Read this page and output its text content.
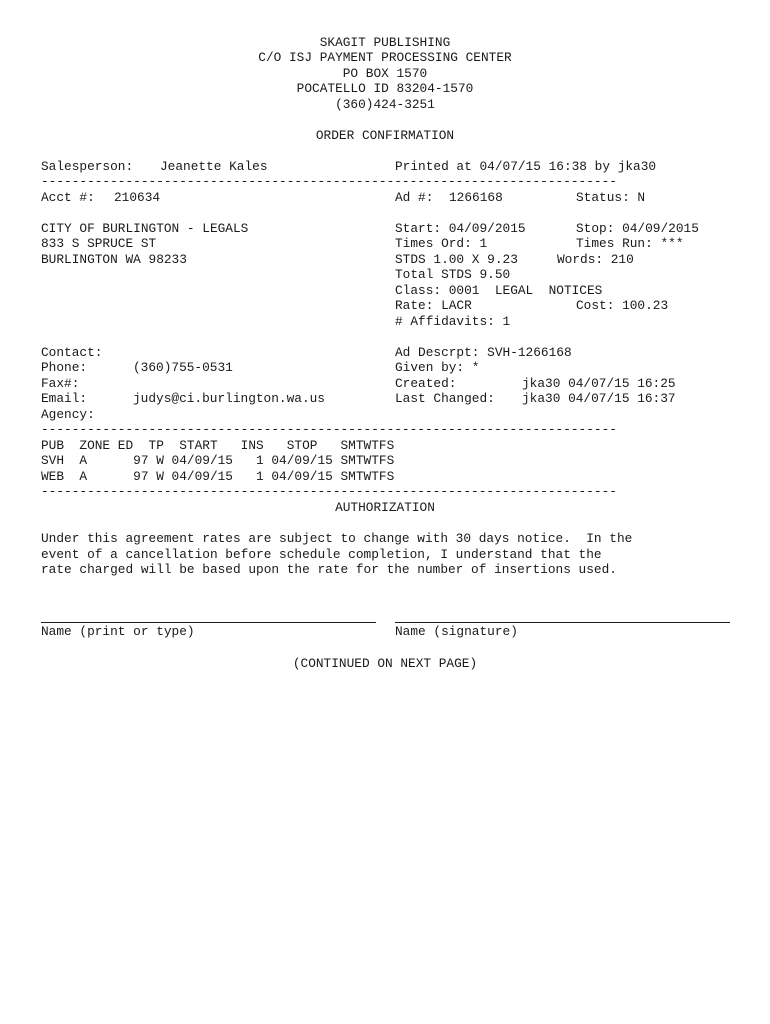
SKAGIT PUBLISHING
C/O ISJ PAYMENT PROCESSING CENTER
PO BOX 1570
POCATELLO ID 83204-1570
(360)424-3251
ORDER CONFIRMATION
Salesperson: Jeanette Kales	Printed at 04/07/15 16:38 by jka30
---------------------------------------------------------------------------
Acct #: 210634	Ad #: 1266168	Status: N
CITY OF BURLINGTON - LEGALS
833 S SPRUCE ST
BURLINGTON WA 98233
Start: 04/09/2015	Stop: 04/09/2015
Times Ord: 1	Times Run: ***
STDS 1.00 X 9.23	Words: 210
Total STDS 9.50
Class: 0001  LEGAL  NOTICES
Rate: LACR	Cost: 100.23
# Affidavits: 1
Contact:
Phone:	(360)755-0531
Fax#:
Email:	judys@ci.burlington.wa.us
Agency:
Ad Descrpt: SVH-1266168
Given by: *
Created:	jka30 04/07/15 16:25
Last Changed: jka30 04/07/15 16:37
---------------------------------------------------------------------------
PUB  ZONE ED  TP  START   INS   STOP   SMTWTFS
SVH  A      97 W 04/09/15   1 04/09/15 SMTWTFS
WEB  A      97 W 04/09/15   1 04/09/15 SMTWTFS
---------------------------------------------------------------------------
AUTHORIZATION
Under this agreement rates are subject to change with 30 days notice.  In the
event of a cancellation before schedule completion, I understand that the
rate charged will be based upon the rate for the number of insertions used.
Name (print or type)	Name (signature)
(CONTINUED ON NEXT PAGE)
